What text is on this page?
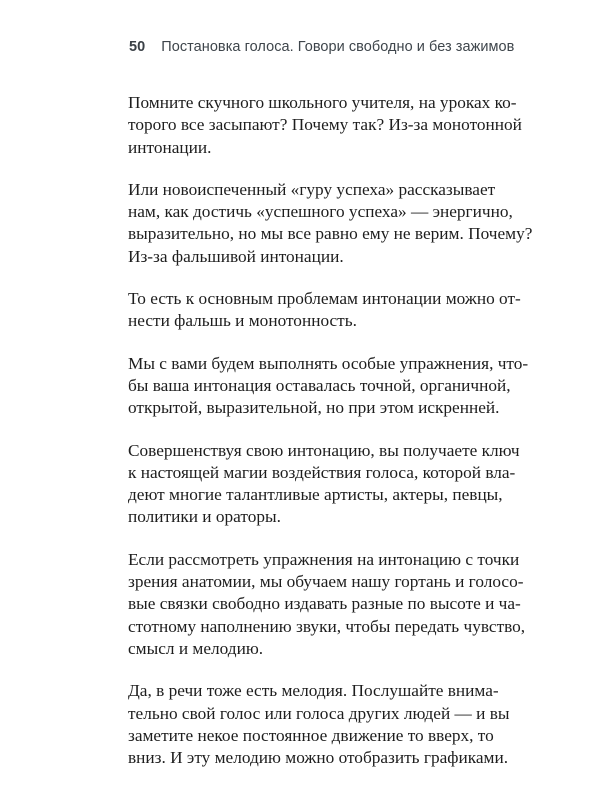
50 Постановка голоса. Говори свободно и без зажимов

Помните скучного школьного учителя, на уроках ко-
торого все засыпают? Почему так? Из-за монотонной
интонации.

Или новоиспеченный «гуру успеха» рассказывает
нам, как достичь «успешного успеха» — энергично,
выразительно, но мы все равно ему не верим. Почему?
Из-за фальшивой интонации.

То есть к основным проблемам интонации можно от-
нести фальшь и монотонность.

Мы с вами будем выполнять особые упражнения, что-
бы ваша интонация оставалась точной, органичной,
открытой, выразительной, но при этом искренней.

Совершенствуя свою интонацию, вы получаете ключ
к настоящей магии воздействия голоса, которой вла-
деют многие талантливые артисты, актеры, певцы,
политики и ораторы.

Если рассмотреть упражнения на интонацию с точки
зрения анатомии, мы обучаем нашу гортань и голосо-
вые связки свободно издавать разные по высоте и ча-
стотному наполнению звуки, чтобы передать чувство,
смысл и мелодию.

Да, в речи тоже есть мелодия. Послушайте внима-
тельно свой голос или голоса других людей — и вы
заметите некое постоянное движение то вверх, то
вниз. И эту мелодию можно отобразить графиками.
